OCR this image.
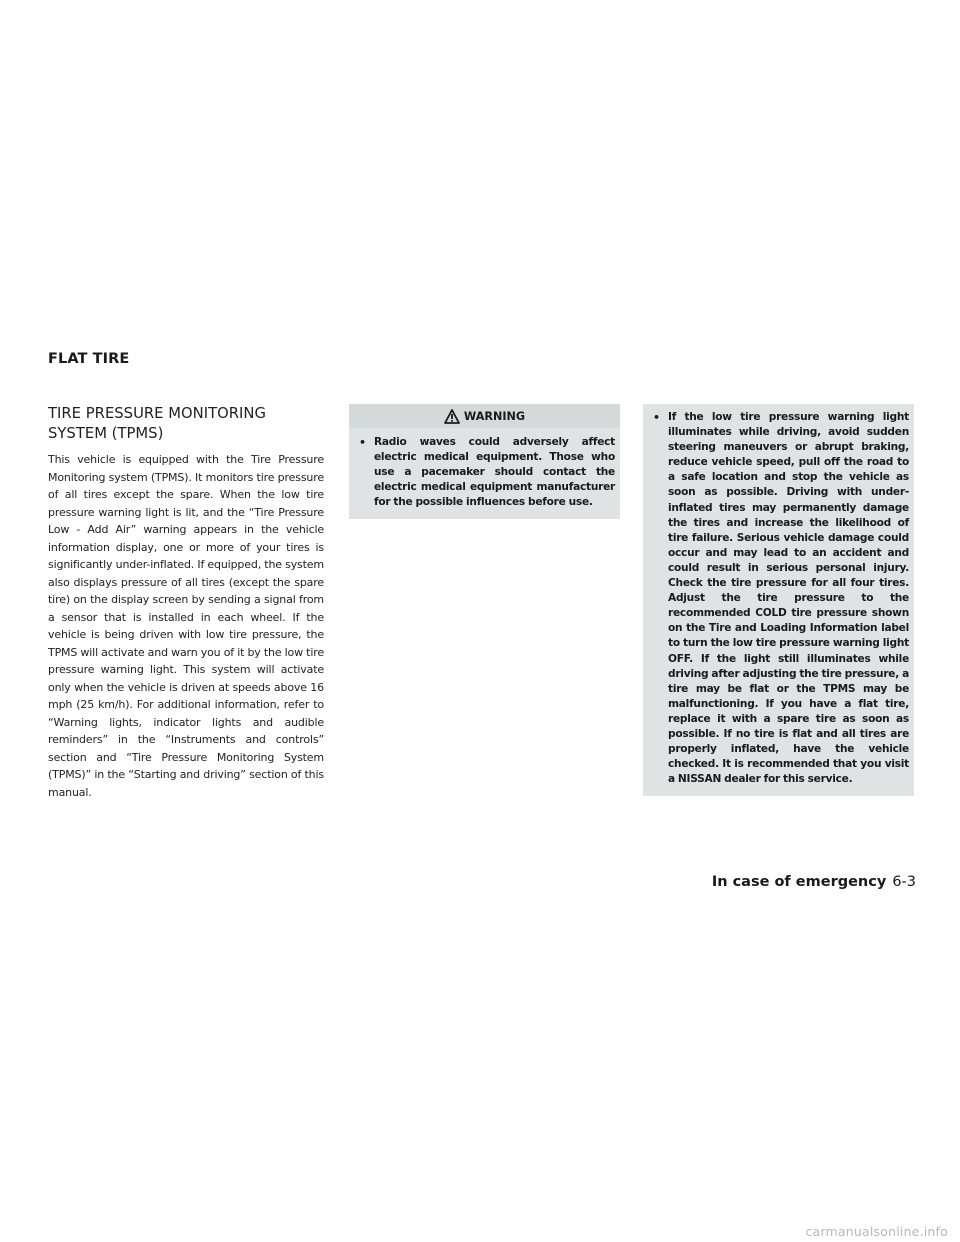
FLAT TIRE
TIRE PRESSURE MONITORING
SYSTEM (TPMS)

This vehicle is equipped with the Tire Pressure Monitoring system (TPMS). It monitors tire pressure of all tires except the spare. When the low tire pressure warning light is lit, and the “Tire Pressure Low - Add Air” warning appears in the vehicle information display, one or more of your tires is significantly under-inflated. If equipped, the system also displays pressure of all tires (except the spare tire) on the display screen by sending a signal from a sensor that is installed in each wheel. If the vehicle is being driven with low tire pressure, the TPMS will activate and warn you of it by the low tire pressure warning light. This system will activate only when the vehicle is driven at speeds above 16 mph (25 km/h). For additional information, refer to “Warning lights, indicator lights and audible reminders” in the “Instruments and controls” section and “Tire Pressure Monitoring System (TPMS)” in the “Starting and driving” section of this manual.

WARNING
• Radio waves could adversely affect electric medical equipment. Those who use a pacemaker should contact the electric medical equipment manufacturer for the possible influences before use.

• If the low tire pressure warning light illuminates while driving, avoid sudden steering maneuvers or abrupt braking, reduce vehicle speed, pull off the road to a safe location and stop the vehicle as soon as possible. Driving with under-inflated tires may permanently damage the tires and increase the likelihood of tire failure. Serious vehicle damage could occur and may lead to an accident and could result in serious personal injury. Check the tire pressure for all four tires. Adjust the tire pressure to the recommended COLD tire pressure shown on the Tire and Loading Information label to turn the low tire pressure warning light OFF. If the light still illuminates while driving after adjusting the tire pressure, a tire may be flat or the TPMS may be malfunctioning. If you have a flat tire, replace it with a spare tire as soon as possible. If no tire is flat and all tires are properly inflated, have the vehicle checked. It is recommended that you visit a NISSAN dealer for this service.

In case of emergency 6-3
carmanualsonline.info
